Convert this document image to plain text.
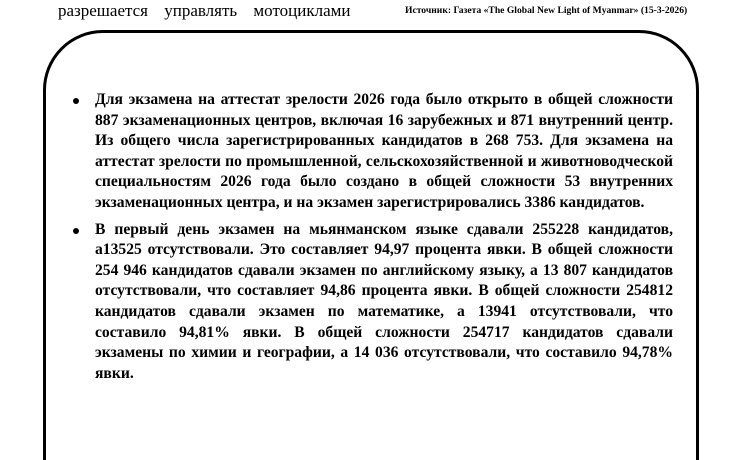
разрешается управлять мотоциклами	Источник: Газета «The Global New Light of Myanmar» (15-3-2026)
Для экзамена на аттестат зрелости 2026 года было открыто в общей сложности 887 экзаменационных центров, включая 16 зарубежных и 871 внутренний центр. Из общего числа зарегистрированных кандидатов в 268 753. Для экзамена на аттестат зрелости по промышленной, сельскохозяйственной и животноводческой специальностям 2026 года было создано в общей сложности 53 внутренних экзаменационных центра, и на экзамен зарегистрировались 3386 кандидатов.
В первый день экзамен на мьянманском языке сдавали 255228 кандидатов, а13525 отсутствовали. Это составляет 94,97 процента явки. В общей сложности 254 946 кандидатов сдавали экзамен по английскому языку, а 13 807 кандидатов отсутствовали, что составляет 94,86 процента явки. В общей сложности 254812 кандидатов сдавали экзамен по математике, а 13941 отсутствовали, что составило 94,81% явки. В общей сложности 254717 кандидатов сдавали экзамены по химии и географии, а 14 036 отсутствовали, что составило 94,78% явки.
